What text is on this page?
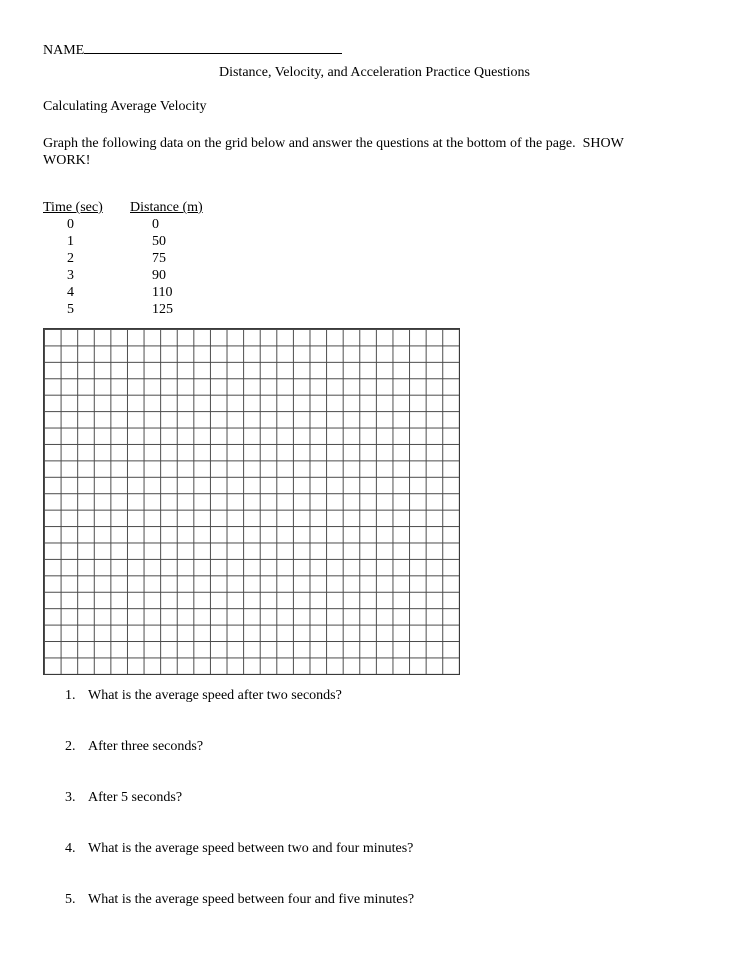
NAME
Distance, Velocity, and Acceleration Practice Questions
Calculating Average Velocity
Graph the following data on the grid below and answer the questions at the bottom of the page.  SHOW WORK!
Time (sec)	Distance (m)
0	0
1	50
2	75
3	90
4	110
5	125
1. What is the average speed after two seconds?
2. After three seconds?
3. After 5 seconds?
4. What is the average speed between two and four minutes?
5. What is the average speed between four and five minutes?
